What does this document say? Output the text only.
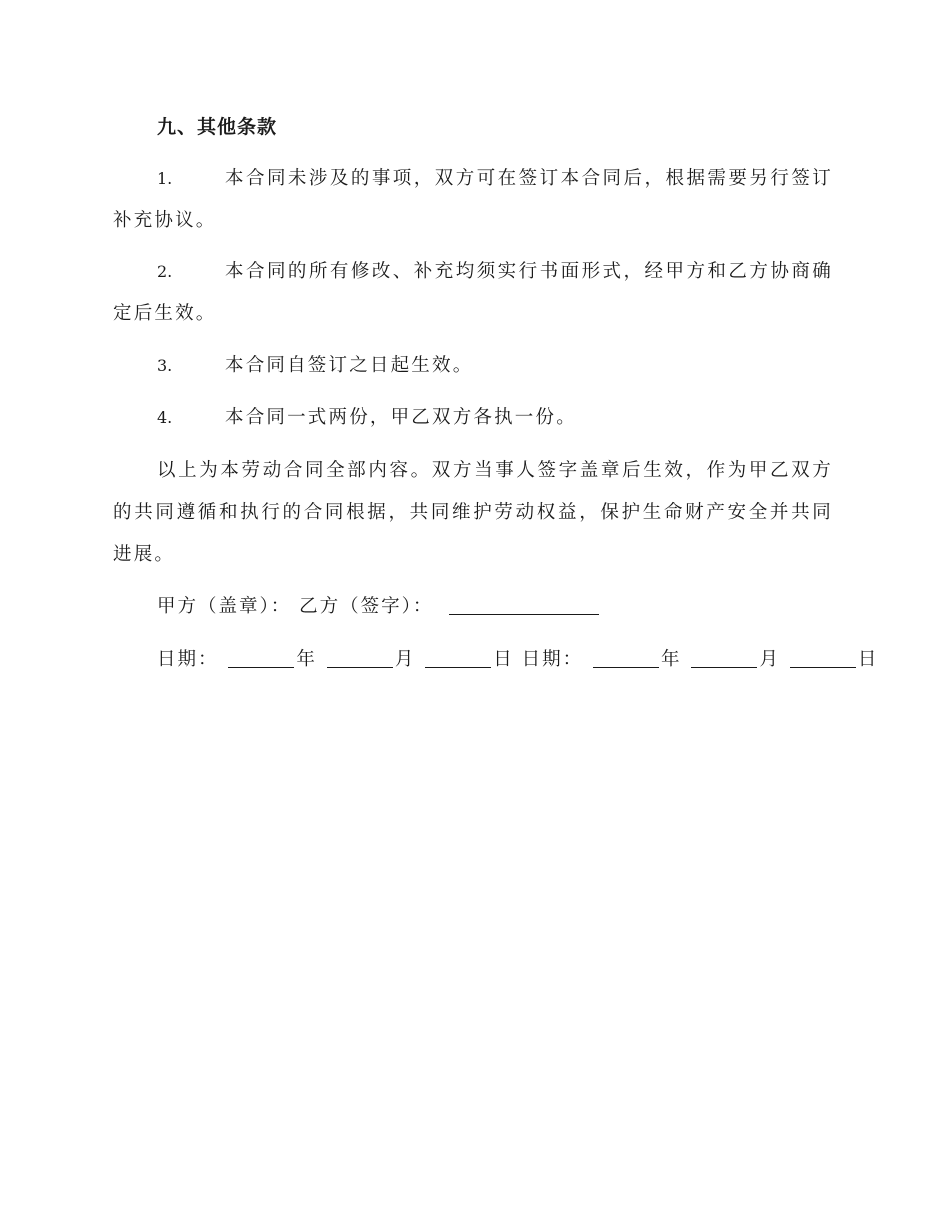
九、其他条款
1.	本合同未涉及的事项，双方可在签订本合同后，根据需要另行签订补充协议。
2.	本合同的所有修改、补充均须实行书面形式，经甲方和乙方协商确定后生效。
3.	本合同自签订之日起生效。
4.	本合同一式两份，甲乙双方各执一份。
以上为本劳动合同全部内容。双方当事人签字盖章后生效，作为甲乙双方的共同遵循和执行的合同根据，共同维护劳动权益，保护生命财产安全并共同进展。
甲方（盖章）： 乙方（签字）：
日期：	年	月	日 日期：	年	月	日
